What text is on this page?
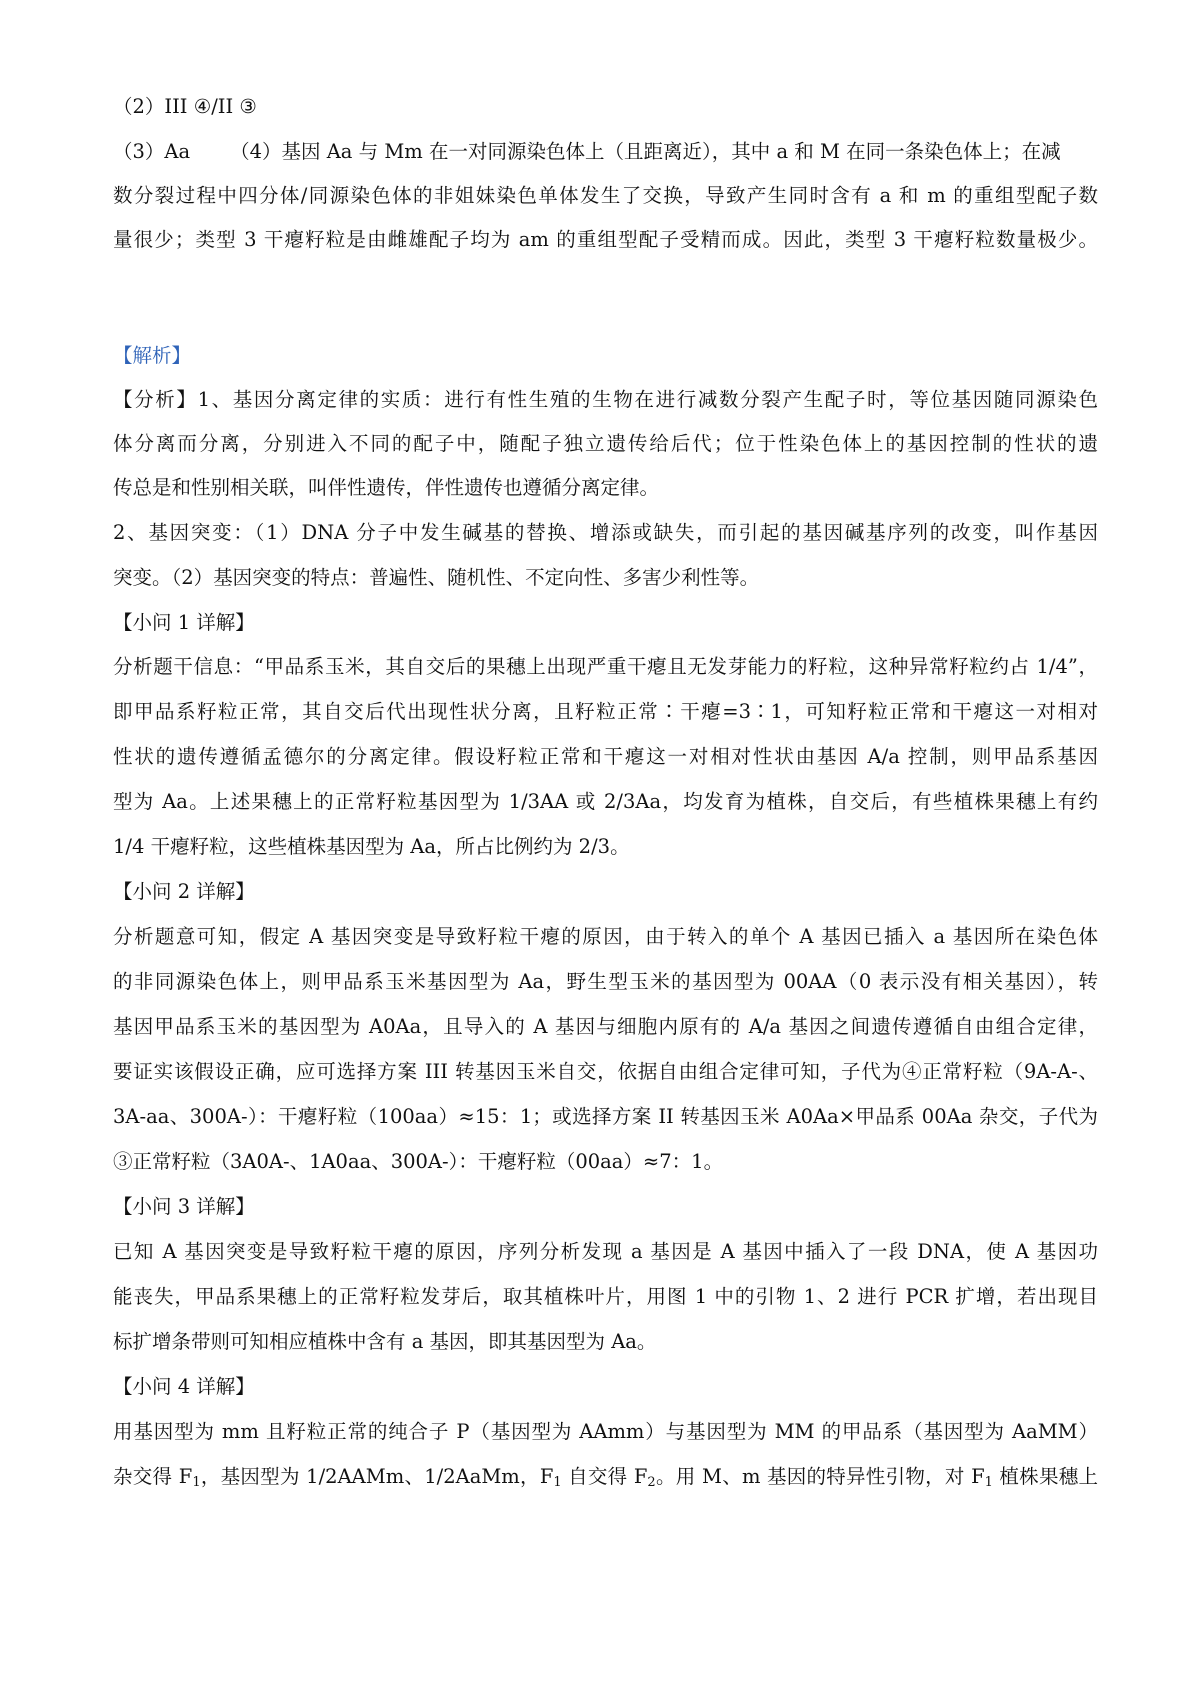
（2）III ④/II ③

（3）Aa （4）基因 Aa 与 Mm 在一对同源染色体上（且距离近），其中 a 和 M 在同一条染色体上；在减

数分裂过程中四分体/同源染色体的非姐妹染色单体发生了交换，导致产生同时含有 a 和 m 的重组型配子数

量很少；类型 3 干瘪籽粒是由雌雄配子均为 am 的重组型配子受精而成。因此，类型 3 干瘪籽粒数量极少。

【解析】

【分析】1、基因分离定律的实质：进行有性生殖的生物在进行减数分裂产生配子时，等位基因随同源染色

体分离而分离，分别进入不同的配子中，随配子独立遗传给后代；位于性染色体上的基因控制的性状的遗

传总是和性别相关联，叫伴性遗传，伴性遗传也遵循分离定律。

2、基因突变：（1）DNA 分子中发生碱基的替换、增添或缺失，而引起的基因碱基序列的改变，叫作基因

突变。（2）基因突变的特点：普遍性、随机性、不定向性、多害少利性等。

【小问 1 详解】

分析题干信息：“甲品系玉米，其自交后的果穗上出现严重干瘪且无发芽能力的籽粒，这种异常籽粒约占 1/4”，

即甲品系籽粒正常，其自交后代出现性状分离，且籽粒正常∶干瘪=3∶1，可知籽粒正常和干瘪这一对相对

性状的遗传遵循孟德尔的分离定律。假设籽粒正常和干瘪这一对相对性状由基因 A/a 控制，则甲品系基因

型为 Aa。上述果穗上的正常籽粒基因型为 1/3AA 或 2/3Aa，均发育为植株，自交后，有些植株果穗上有约

1/4 干瘪籽粒，这些植株基因型为 Aa，所占比例约为 2/3。

【小问 2 详解】

分析题意可知，假定 A 基因突变是导致籽粒干瘪的原因，由于转入的单个 A 基因已插入 a 基因所在染色体

的非同源染色体上，则甲品系玉米基因型为 Aa，野生型玉米的基因型为 00AA（0 表示没有相关基因），转

基因甲品系玉米的基因型为 A0Aa，且导入的 A 基因与细胞内原有的 A/a 基因之间遗传遵循自由组合定律，

要证实该假设正确，应可选择方案 III 转基因玉米自交，依据自由组合定律可知，子代为④正常籽粒（9A-A-、

3A-aa、300A-）：干瘪籽粒（100aa）≈15：1；或选择方案 II 转基因玉米 A0Aa×甲品系 00Aa 杂交，子代为

③正常籽粒（3A0A-、1A0aa、300A-）：干瘪籽粒（00aa）≈7：1。

【小问 3 详解】

已知 A 基因突变是导致籽粒干瘪的原因，序列分析发现 a 基因是 A 基因中插入了一段 DNA，使 A 基因功

能丧失，甲品系果穗上的正常籽粒发芽后，取其植株叶片，用图 1 中的引物 1、2 进行 PCR 扩增，若出现目

标扩增条带则可知相应植株中含有 a 基因，即其基因型为 Aa。

【小问 4 详解】

用基因型为 mm 且籽粒正常的纯合子 P（基因型为 AAmm）与基因型为 MM 的甲品系（基因型为 AaMM）

杂交得 $F_1$，基因型为 1/2AAMm、1/2AaMm，$F_1$ 自交得 $F_2$。用 M、m 基因的特异性引物，对 $F_1$ 植株果穗上
